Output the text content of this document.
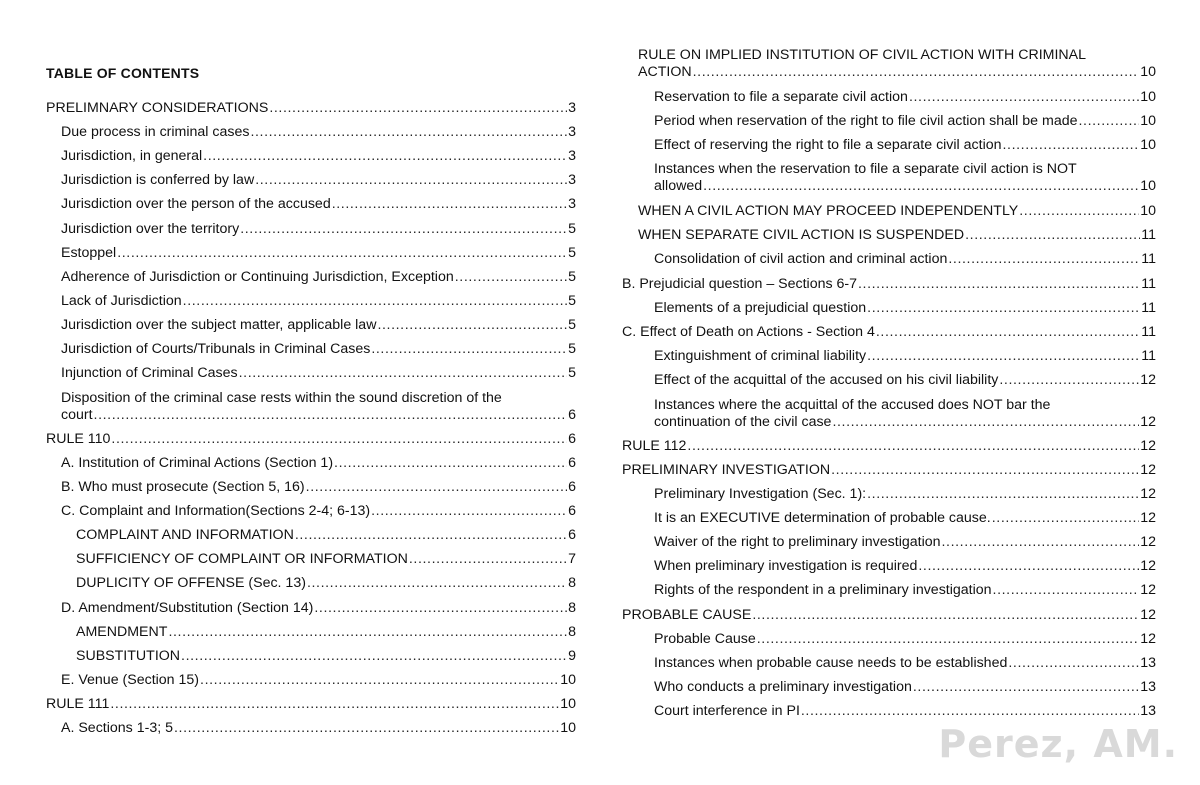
TABLE OF CONTENTS
PRELIMNARY CONSIDERATIONS .....	3
Due process in criminal cases .....	3
Jurisdiction, in general .....	3
Jurisdiction is conferred by law .....	3
Jurisdiction over the person of the accused .....	3
Jurisdiction over the territory .....	5
Estoppel .....	5
Adherence of Jurisdiction or Continuing Jurisdiction, Exception .....	5
Lack of Jurisdiction .....	5
Jurisdiction over the subject matter, applicable law .....	5
Jurisdiction of Courts/Tribunals in Criminal Cases .....	5
Injunction of Criminal Cases .....	5
Disposition of the criminal case rests within the sound discretion of the
court .....	6
RULE 110 .....	6
A. Institution of Criminal Actions (Section 1) .....	6
B. Who must prosecute (Section 5, 16) .....	6
C. Complaint and Information(Sections 2-4; 6-13) .....	6
COMPLAINT AND INFORMATION .....	6
SUFFICIENCY OF COMPLAINT OR INFORMATION .....	7
DUPLICITY OF OFFENSE (Sec. 13) .....	8
D. Amendment/Substitution (Section 14) .....	8
AMENDMENT .....	8
SUBSTITUTION .....	9
E. Venue (Section 15) .....	10
RULE 111 .....	10
A. Sections 1-3; 5 .....	10
RULE ON IMPLIED INSTITUTION OF CIVIL ACTION WITH CRIMINAL
ACTION .....	10
Reservation to file a separate civil action .....	10
Period when reservation of the right to file civil action shall be made .....	10
Effect of reserving the right to file a separate civil action .....	10
Instances when the reservation to file a separate civil action is NOT
allowed .....	10
WHEN A CIVIL ACTION MAY PROCEED INDEPENDENTLY .....	10
WHEN SEPARATE CIVIL ACTION IS SUSPENDED .....	11
Consolidation of civil action and criminal action .....	11
B. Prejudicial question – Sections 6-7 .....	11
Elements of a prejudicial question .....	11
C. Effect of Death on Actions - Section 4 .....	11
Extinguishment of criminal liability .....	11
Effect of the acquittal of the accused on his civil liability .....	12
Instances where the acquittal of the accused does NOT bar the
continuation of the civil case .....	12
RULE 112 .....	12
PRELIMINARY INVESTIGATION .....	12
Preliminary Investigation (Sec. 1): .....	12
It is an EXECUTIVE determination of probable cause. .....	12
Waiver of the right to preliminary investigation .....	12
When preliminary investigation is required .....	12
Rights of the respondent in a preliminary investigation .....	12
PROBABLE CAUSE .....	12
Probable Cause .....	12
Instances when probable cause needs to be established .....	13
Who conducts a preliminary investigation .....	13
Court interference in PI .....	13
Perez, AM.
